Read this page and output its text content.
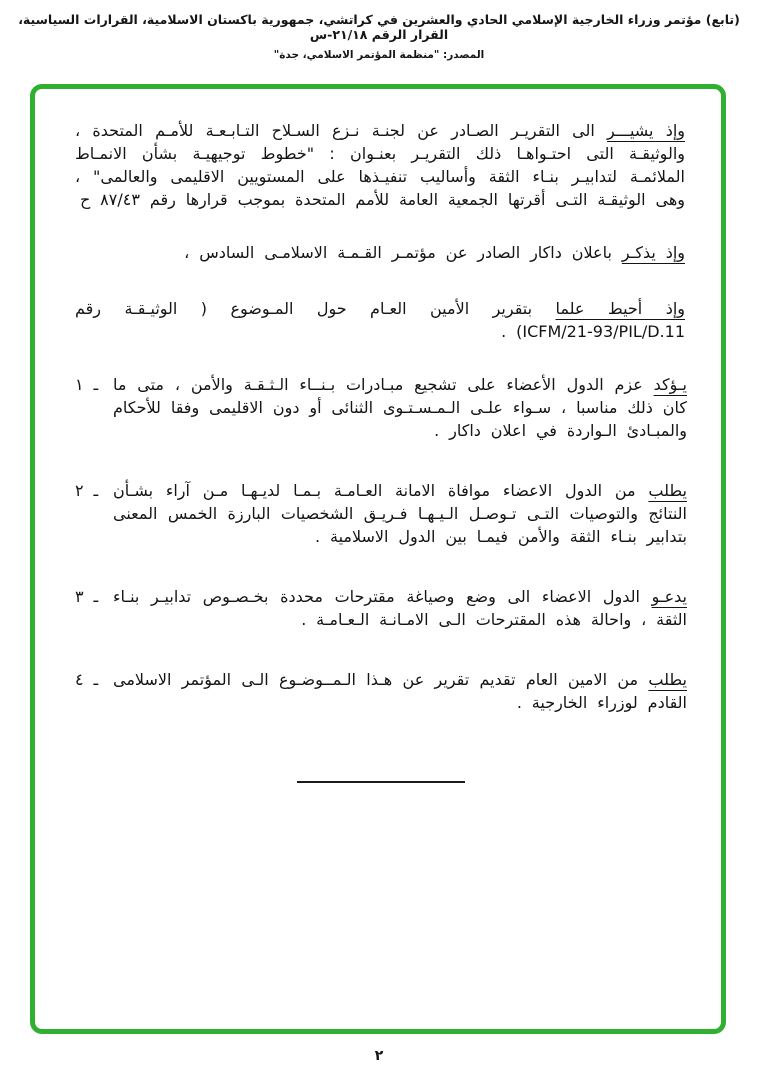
(تابع) مؤتمر وزراء الخارجية الإسلامي الحادي والعشرين في كراتشي، جمهورية باكستان الاسلامية، القرارات السياسية، القرار الرقم ٢١/١٨-س
المصدر: "منظمة المؤتمر الاسلامي، جدة"
وإذ يشيـــر الى التقريـر الصـادر عن لجنـة نـزع السـلاح التـابـعـة للأمـم المتحدة ، والوثيقـة التى احتـواهـا ذلك التقريـر بعنـوان : "خطوط توجيهيـة بشأن الانمـاط الملائمـة لتدابيـر بنـاء الثقة وأساليب تنفيـذها على المستويين الاقليمى والعالمى" ، وهى الوثيقـة التـى أقرتها الجمعية العامة للأمم المتحدة بموجب قرارها رقم ٨٧/٤٣ ح
وإذ يذكـر باعلان داكار الصادر عن مؤتمـر القـمـة الاسلامـى السادس ،
وإذ أحيط علما بتقرير الأمين العـام حول المـوضوع ( الوثيـقـة رقم (ICFM/21-93/PIL/D.11 .
١ ـ	يـؤكد عزم الدول الأعضاء على تشجيع مبـادرات بـنــاء الـثـقـة والأمن ، متى ما كان ذلك مناسبا ، سـواء علـى الـمـسـتـوى الثنائى أو دون الاقليمى وفقا للأحكام والمبـادئ الـواردة في اعلان داكار .
٢ ـ	يطلب من الدول الاعضاء موافاة الامانة العـامـة بـمـا لديـهـا مـن آراء بشـأن النتائج والتوصيات التـى تـوصـل الـيـهـا فـريـق الشخصيات البارزة الخمس المعنى بتدابير بنـاء الثقة والأمن فيمـا بين الدول الاسلامية .
٣ ـ	يدعـو الدول الاعضاء الى وضع وصياغة مقترحات محددة بخـصـوص تدابيـر بنـاء الثقة ، واحالة هذه المقترحات الـى الامـانـة الـعـامـة .
٤ ـ	يطلب من الامين العام تقديم تقرير عن هـذا الـمــوضـوع الـى المؤتمر الاسلامى القادم لوزراء الخارجية .
٢
